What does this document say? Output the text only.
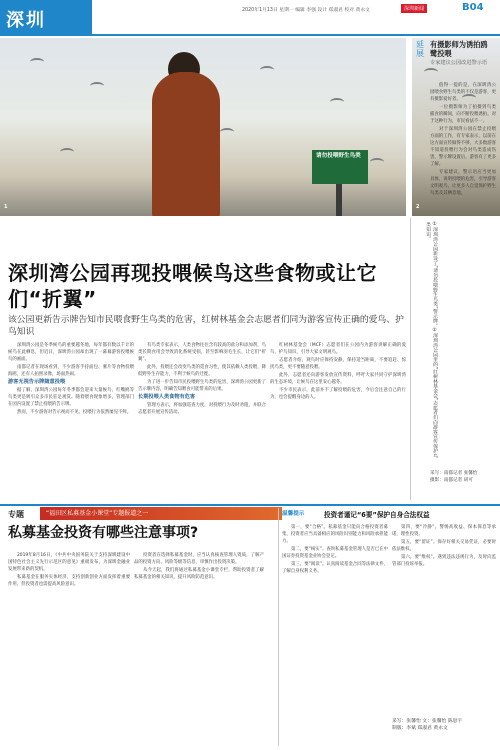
深圳	2020年1月13日 星期一 编辑 李强 设计 郑淑君 校对 黄永文	深圳新闻	B04
1	2
请勿投喂野生鸟类
延展
有摄影师为诱拍鸥鹭投喂
专家建议公园改进警示语

值得一提的是，在深圳湾公园喂食野生鸟类的不仅是游客，更有摄影爱好者。

一位摄影师为了拍摄到鸟类捕食的瞬间，向不断投喂诱拍。对于这种行为，市民看法不一。

对于深圳湾公园在禁止投喂方面的工作，有专家表示，以前在这方面宣传做得不够，大多数游客不知道投喂行为会对鸟类造成伤害，警示牌设置后，游客有了更多了解。

专家建议，警示语应当更加具体，说明投喂的危害，引导游客文明观鸟，让更多人自觉保护野生鸟类及其栖息地。

采写：南都记者 张馨怡
摄影：南都记者 胡可
①深圳湾公园新设了“请勿投喂野生鸟类”警示牌。②深圳湾公园里的“红树林基金会”志愿者们向游客宣传保护鸟类知识。
深圳湾公园再现投喂候鸟这些食物或让它们“折翼”
该公园更新告示牌告知市民喂食野生鸟类的危害，红树林基金会志愿者们同为游客宣传正确的爱鸟、护鸟知识

深圳湾公园是冬季候鸟的重要越冬地，每年都有数以千计的候鸟在此栖息，但近日，深圳湾公园却出现了一幕幕游客投喂候鸟的画面。

南都记者在现场看到，不少游客手持面包、薯片等食物投喂海鸥，还有人拍照录像，场面热闹。

游客无视告示牌随意投喂

据了解，深圳湾公园每年冬季都会迎来大量候鸟，红嘴鸥等鸟类更是吸引众多市民驻足观赏。随着喂食现象增多，管理部门在园内设置了禁止投喂的告示牌。

然而，不少游客对告示视而不见，投喂行为依然屡见不鲜。

有鸟类专家表示，人类食物往往含有较高的盐分和添加剂，鸟类长期食用会导致消化系统受损，甚至影响羽毛生长，让它们“折翼”。

此外，投喂还会改变鸟类的觅食习性，使其依赖人类投喂，降低野外生存能力，不利于候鸟的迁徙。

为了进一步告知市民投喂野生鸟类的危害，深圳湾公园更新了告示牌内容，明确告知喂食可能带来的后果。

长期投喂人类食物有危害

管理方表示，将加强巡查力度，对投喂行为及时劝阻，并联合志愿者开展宣传活动。

红树林基金会（MCF）志愿者们在公园内为游客讲解正确的爱鸟、护鸟知识，引导大家文明观鸟。

志愿者介绍，观鸟时应保持安静，保持适当距离，不要追赶、惊扰鸟类，更不要随意投喂。

此外，志愿者还向游客发放宣传资料，呼吁大家共同守护深圳湾的生态环境，让候鸟在这里安心越冬。

不少市民表示，此前并不了解投喂的危害，今后会注意自己的行为，也会提醒身边的人。

专题	“福田区私募基金小课堂”专题报道之一
私募基金投资有哪些注意事项?

2019年8月16日，《中共中央国务院关于支持深圳建设中国特色社会主义先行示范区的意见》重磅发布，为深圳金融业发展带来新的契机。

私募基金在服务实体经济、支持创新创业方面发挥着重要作用，但投资者也需提高风险意识。

投资者在选择私募基金时，应当认真核查管理人资质，了解产品的投资方向、风险等级等信息，审慎作出投资决策。

从今天起，我们将通过私募基金小课堂专栏，帮助投资者了解私募基金的相关知识，提升风险防范意识。

温馨提示	投资者谨记“6要”保护自身合法权益

第一，要“合格”。私募基金只能向合格投资者募集，投资者应当具备相应的风险识别能力和风险承担能力。

第二，要“核实”。查询私募基金管理人是否已在中国证券投资基金业协会登记。

第三，要“阅读”。认真阅读基金合同等法律文件，了解自身权利义务。

第四，要“冷静”。警惕高收益、保本保息等承诺，理性投资。

第五，要“留证”。保存好相关交易凭证，必要时依法维权。

第六，要“维权”。遇到违法违规行为，及时向监管部门投诉举报。

采写：张馨怡 文：张馨怡 陈思宇
制版：李斌 郑淑君 黄永文
